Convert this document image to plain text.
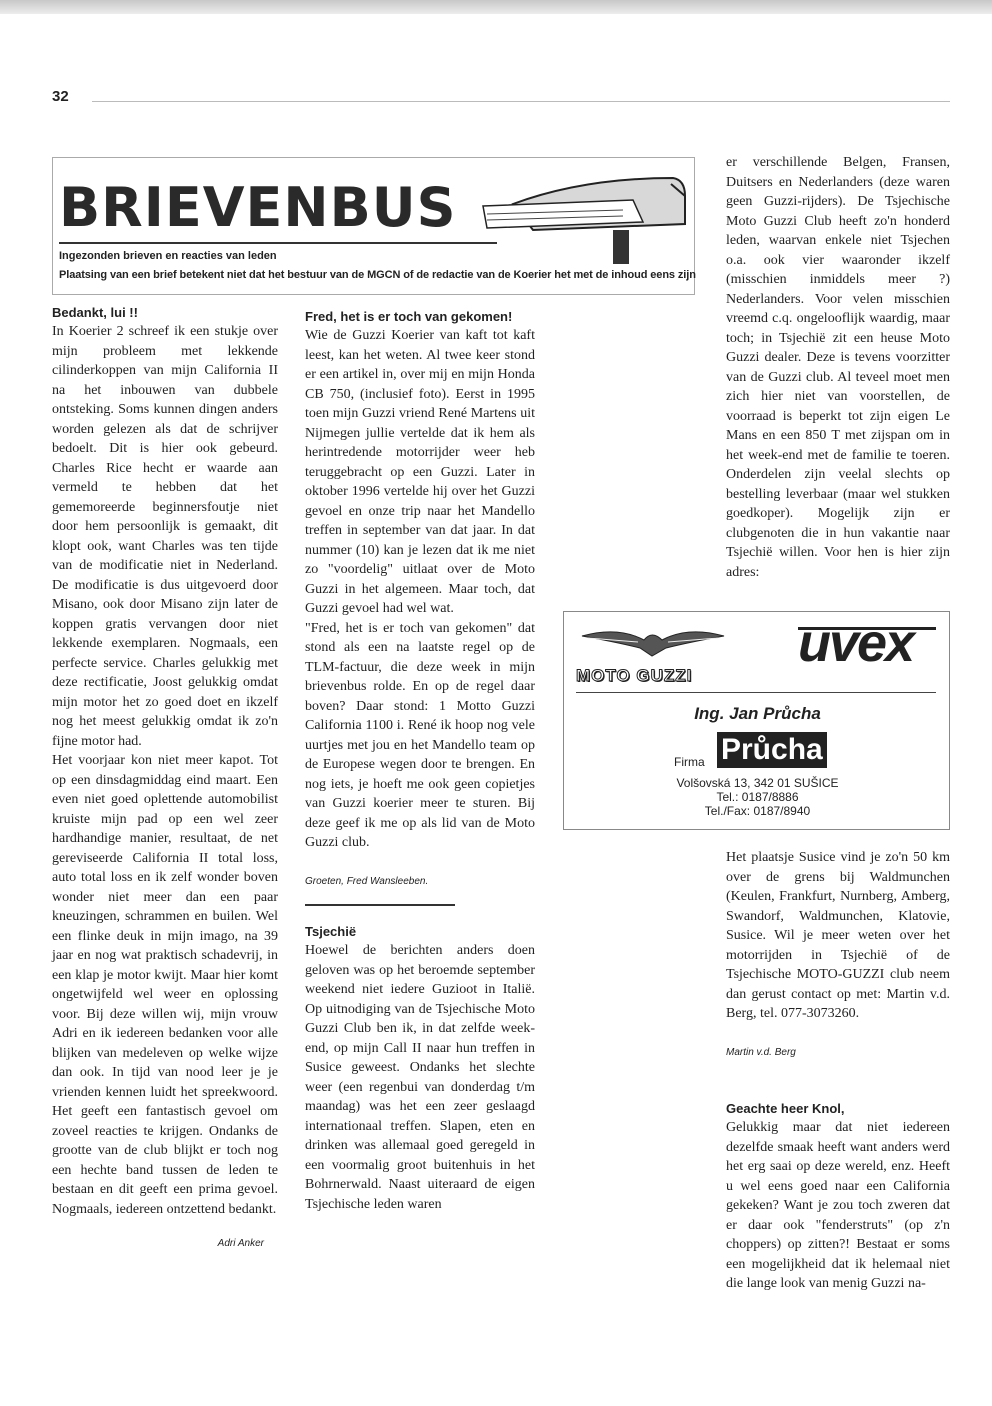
32
BRIEVENBUS
Ingezonden brieven en reacties van leden
Plaatsing van een brief betekent niet dat het bestuur van de MGCN of de redactie van de Koerier het met de inhoud eens zijn

Bedankt, lui !!

In Koerier 2 schreef ik een stukje over mijn probleem met lekkende cilinderkoppen van mijn California II na het inbouwen van dubbele ontsteking. Soms kunnen dingen anders worden gelezen als dat de schrijver bedoelt. Dit is hier ook gebeurd. Charles Rice hecht er waarde aan vermeld te hebben dat het gememoreerde beginnersfoutje niet door hem persoonlijk is gemaakt, dit klopt ook, want Charles was ten tijde van de modificatie niet in Nederland. De modificatie is dus uitgevoerd door Misano, ook door Misano zijn later de koppen gratis vervangen door niet lekkende exemplaren. Nogmaals, een perfecte service. Charles gelukkig met deze rectificatie, Joost gelukkig omdat mijn motor het zo goed doet en ikzelf nog het meest gelukkig omdat ik zo'n fijne motor had.

Het voorjaar kon niet meer kapot. Tot op een dinsdagmiddag eind maart. Een even niet goed oplettende automobilist kruiste mijn pad op een wel zeer hardhandige manier, resultaat, de net gereviseerde California II total loss, auto total loss en ik zelf wonder boven wonder niet meer dan een paar kneuzingen, schrammen en builen. Wel een flinke deuk in mijn imago, na 39 jaar en nog wat praktisch schadevrij, in een klap je motor kwijt. Maar hier komt ongetwijfeld wel weer en oplossing voor. Bij deze willen wij, mijn vrouw Adri en ik iedereen bedanken voor alle blijken van medeleven op welke wijze dan ook. In tijd van nood leer je je vrienden kennen luidt het spreekwoord. Het geeft een fantastisch gevoel om zoveel reacties te krijgen. Ondanks de grootte van de club blijkt er toch nog een hechte band tussen de leden te bestaan en dit geeft een prima gevoel. Nogmaals, iedereen ontzettend bedankt.

Adri Anker

Fred, het is er toch van gekomen!

Wie de Guzzi Koerier van kaft tot kaft leest, kan het weten. Al twee keer stond er een artikel in, over mij en mijn Honda CB 750, (inclusief foto). Eerst in 1995 toen mijn Guzzi vriend René Martens uit Nijmegen jullie vertelde dat ik hem als herintredende motorrijder weer heb teruggebracht op een Guzzi. Later in oktober 1996 vertelde hij over het Guzzi gevoel en onze trip naar het Mandello treffen in september van dat jaar. In dat nummer (10) kan je lezen dat ik me niet zo "voordelig" uitlaat over de Moto Guzzi in het algemeen. Maar toch, dat Guzzi gevoel had wel wat.

"Fred, het is er toch van gekomen" dat stond als een na laatste regel op de TLM-factuur, die deze week in mijn brievenbus rolde. En op de regel daar boven? Daar stond: 1 Motto Guzzi California 1100 i. René ik hoop nog vele uurtjes met jou en het Mandello team op de Europese wegen door te brengen. En nog iets, je hoeft me ook geen copietjes van Guzzi koerier meer te sturen. Bij deze geef ik me op als lid van de Moto Guzzi club.

Groeten, Fred Wansleeben.

Tsjechië

Hoewel de berichten anders doen geloven was op het beroemde september weekend niet iedere Guzioot in Italië. Op uitnodiging van de Tsjechische Moto Guzzi Club ben ik, in dat zelfde week-end, op mijn Call II naar hun treffen in Susice geweest. Ondanks het slechte weer (een regenbui van donderdag t/m maandag) was het een zeer geslaagd internationaal treffen. Slapen, eten en drinken was allemaal goed geregeld in een voormalig groot buitenhuis in het Bohrnerwald. Naast uiteraard de eigen Tsjechische leden waren

er verschillende Belgen, Fransen, Duitsers en Nederlanders (deze waren geen Guzzi-rijders). De Tsjechische Moto Guzzi Club heeft zo'n honderd leden, waarvan enkele niet Tsjechen o.a. ook vier waaronder ikzelf (misschien inmiddels meer ?) Nederlanders. Voor velen misschien vreemd c.q. ongelooflijk waardig, maar toch; in Tsjechië zit een heuse Moto Guzzi dealer. Deze is tevens voorzitter van de Guzzi club. Al teveel moet men zich hier niet van voorstellen, de voorraad is beperkt tot zijn eigen Le Mans en een 850 T met zijspan om in het week-end met de familie te toeren. Onderdelen zijn veelal slechts op bestelling leverbaar (maar wel stukken goedkoper). Mogelijk zijn er clubgenoten die in hun vakantie naar Tsjechië willen. Voor hen is hier zijn adres:

MOTO GUZZI
uvex
Ing. Jan Průcha
Firma Průcha
Volšovská 13, 342 01 SUŠICE
Tel.: 0187/8886
Tel./Fax: 0187/8940

Het plaatsje Susice vind je zo'n 50 km over de grens bij Waldmunchen (Keulen, Frankfurt, Nurnberg, Amberg, Swandorf, Waldmunchen, Klatovie, Susice. Wil je meer weten over het motorrijden in Tsjechië of de Tsjechische MOTO-GUZZI club neem dan gerust contact op met: Martin v.d. Berg, tel. 077-3073260.

Martin v.d. Berg

Geachte heer Knol,

Gelukkig maar dat niet iedereen dezelfde smaak heeft want anders werd het erg saai op deze wereld, enz. Heeft u wel eens goed naar een California gekeken? Want je zou toch zweren dat er daar ook "fenderstruts" (op z'n choppers) op zitten?! Bestaat er soms een mogelijkheid dat ik helemaal niet die lange look van menig Guzzi na-
